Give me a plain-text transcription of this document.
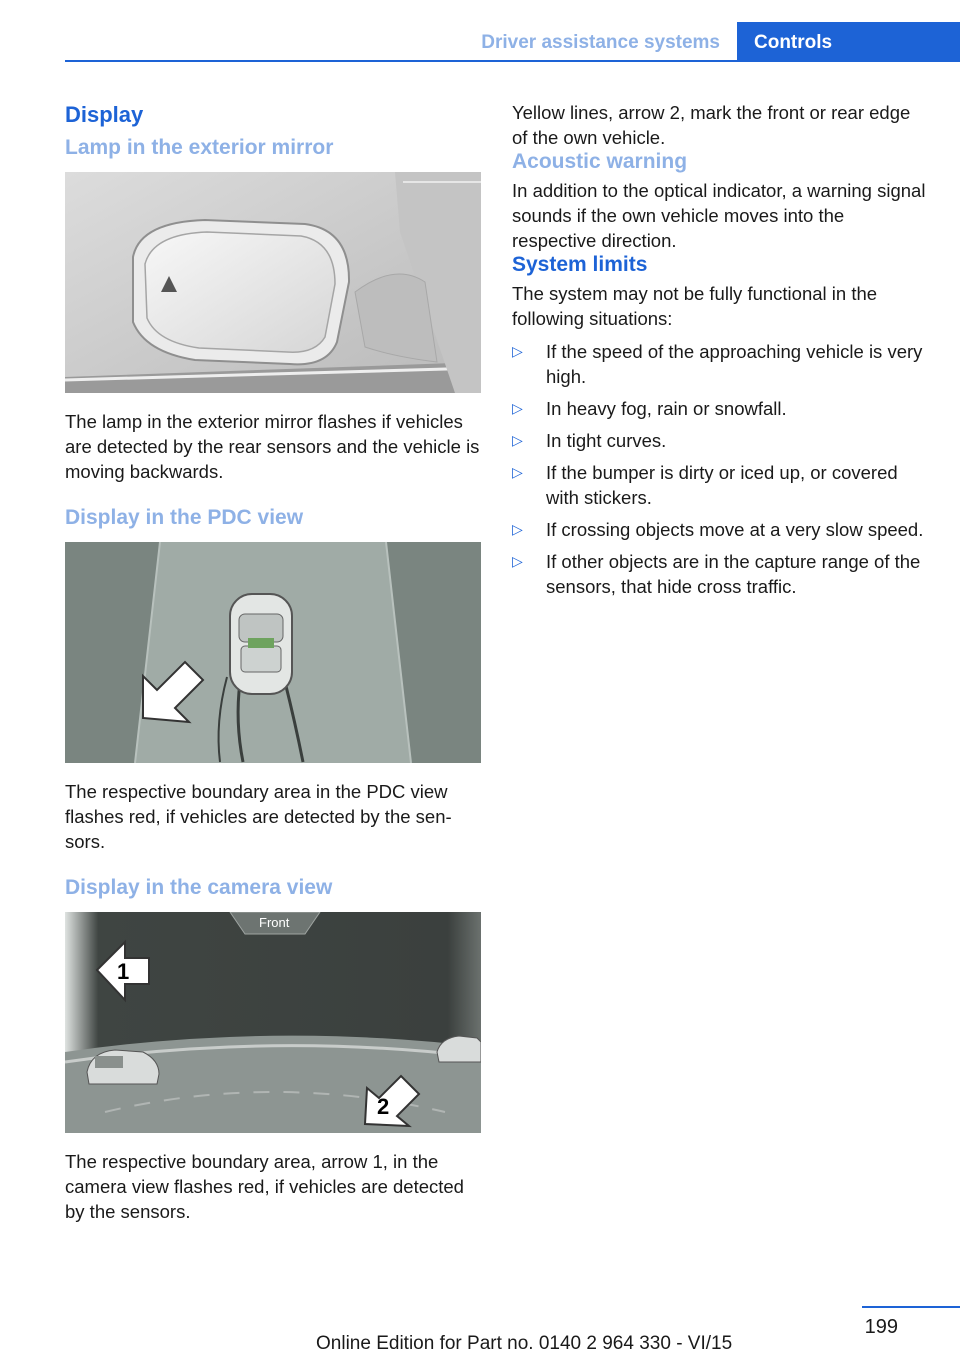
Driver assistance systems Controls
Display
Lamp in the exterior mirror

The lamp in the exterior mirror flashes if vehicles are detected by the rear sensors and the vehicle is moving backwards.

Display in the PDC view

The respective boundary area in the PDC view flashes red, if vehicles are detected by the sensors.

Display in the camera view
Front
1
2

The respective boundary area, arrow 1, in the camera view flashes red, if vehicles are detected by the sensors.

Yellow lines, arrow 2, mark the front or rear edge of the own vehicle.

Acoustic warning

In addition to the optical indicator, a warning signal sounds if the own vehicle moves into the respective direction.

System limits

The system may not be fully functional in the following situations:

▷ If the speed of the approaching vehicle is very high.
▷ In heavy fog, rain or snowfall.
▷ In tight curves.
▷ If the bumper is dirty or iced up, or covered with stickers.
▷ If crossing objects move at a very slow speed.
▷ If other objects are in the capture range of the sensors, that hide cross traffic.
199
Online Edition for Part no. 0140 2 964 330 - VI/15
